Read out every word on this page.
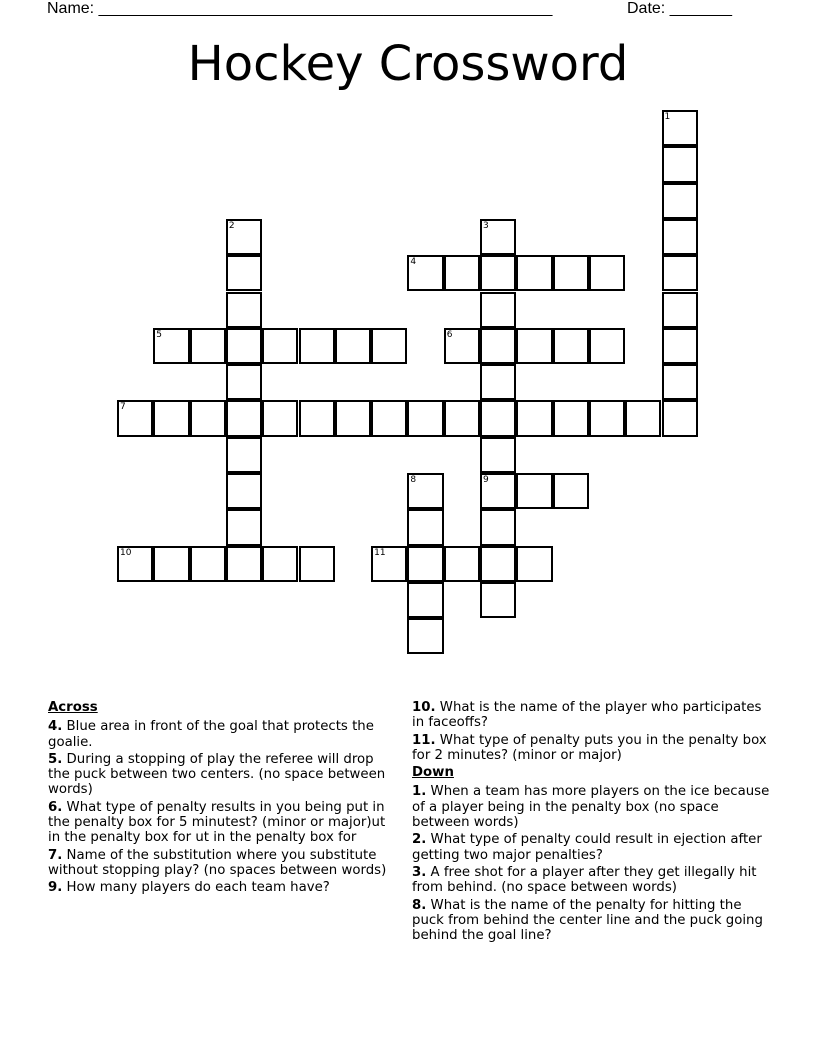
Name: ___________________________________________________	Date: _______
Hockey Crossword
1
2	3
9
4
5	6
7
8
10	11
Across
4. Blue area in front of the goal that protects the goalie.
5. During a stopping of play the referee will drop the puck between two centers. (no space between words)
6. What type of penalty results in you being put in the penalty box for 5 minutest? (minor or major)ut in the penalty box for ut in the penalty box for
7. Name of the substitution where you substitute without stopping play? (no spaces between words)
9. How many players do each team have?
10. What is the name of the player who participates in faceoffs?
11. What type of penalty puts you in the penalty box for 2 minutes? (minor or major)
Down
1. When a team has more players on the ice because of a player being in the penalty box (no space between words)
2. What type of penalty could result in ejection after getting two major penalties?
3. A free shot for a player after they get illegally hit from behind. (no space between words)
8. What is the name of the penalty for hitting the puck from behind the center line and the puck going behind the goal line?
